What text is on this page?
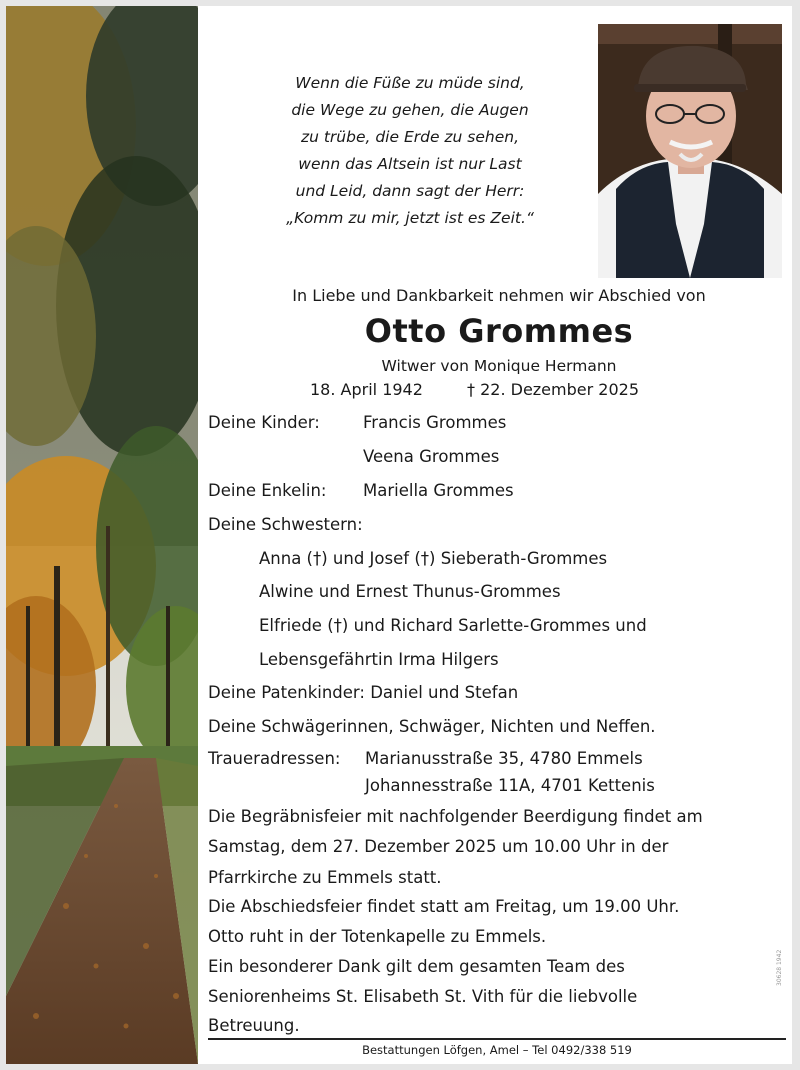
Wenn die Füße zu müde sind,
die Wege zu gehen, die Augen
zu trübe, die Erde zu sehen,
wenn das Altsein ist nur Last
und Leid, dann sagt der Herr:
„Komm zu mir, jetzt ist es Zeit.“
In Liebe und Dankbarkeit nehmen wir Abschied von
Otto Grommes
Witwer von Monique Hermann
18. April 1942	† 22. Dezember 2025
Deine Kinder:	Francis Grommes
Veena Grommes
Deine Enkelin: Mariella Grommes
Deine Schwestern:
Anna (†) und Josef (†) Sieberath-Grommes
Alwine und Ernest Thunus-Grommes
Elfriede (†) und Richard Sarlette-Grommes und
Lebensgefährtin Irma Hilgers
Deine Patenkinder: Daniel und Stefan
Deine Schwägerinnen, Schwäger, Nichten und Neffen.
Traueradressen: Marianusstraße 35, 4780 Emmels
Johannesstraße 11A, 4701 Kettenis
Die Begräbnisfeier mit nachfolgender Beerdigung findet am
Samstag, dem 27. Dezember 2025 um 10.00 Uhr in der
Pfarrkirche zu Emmels statt.
Die Abschiedsfeier findet statt am Freitag, um 19.00 Uhr.
Otto ruht in der Totenkapelle zu Emmels.
Ein besonderer Dank gilt dem gesamten Team des
Seniorenheims St. Elisabeth St. Vith für die liebvolle
Betreuung.
Bestattungen Löfgen, Amel – Tel 0492/338 519
30628 1942
